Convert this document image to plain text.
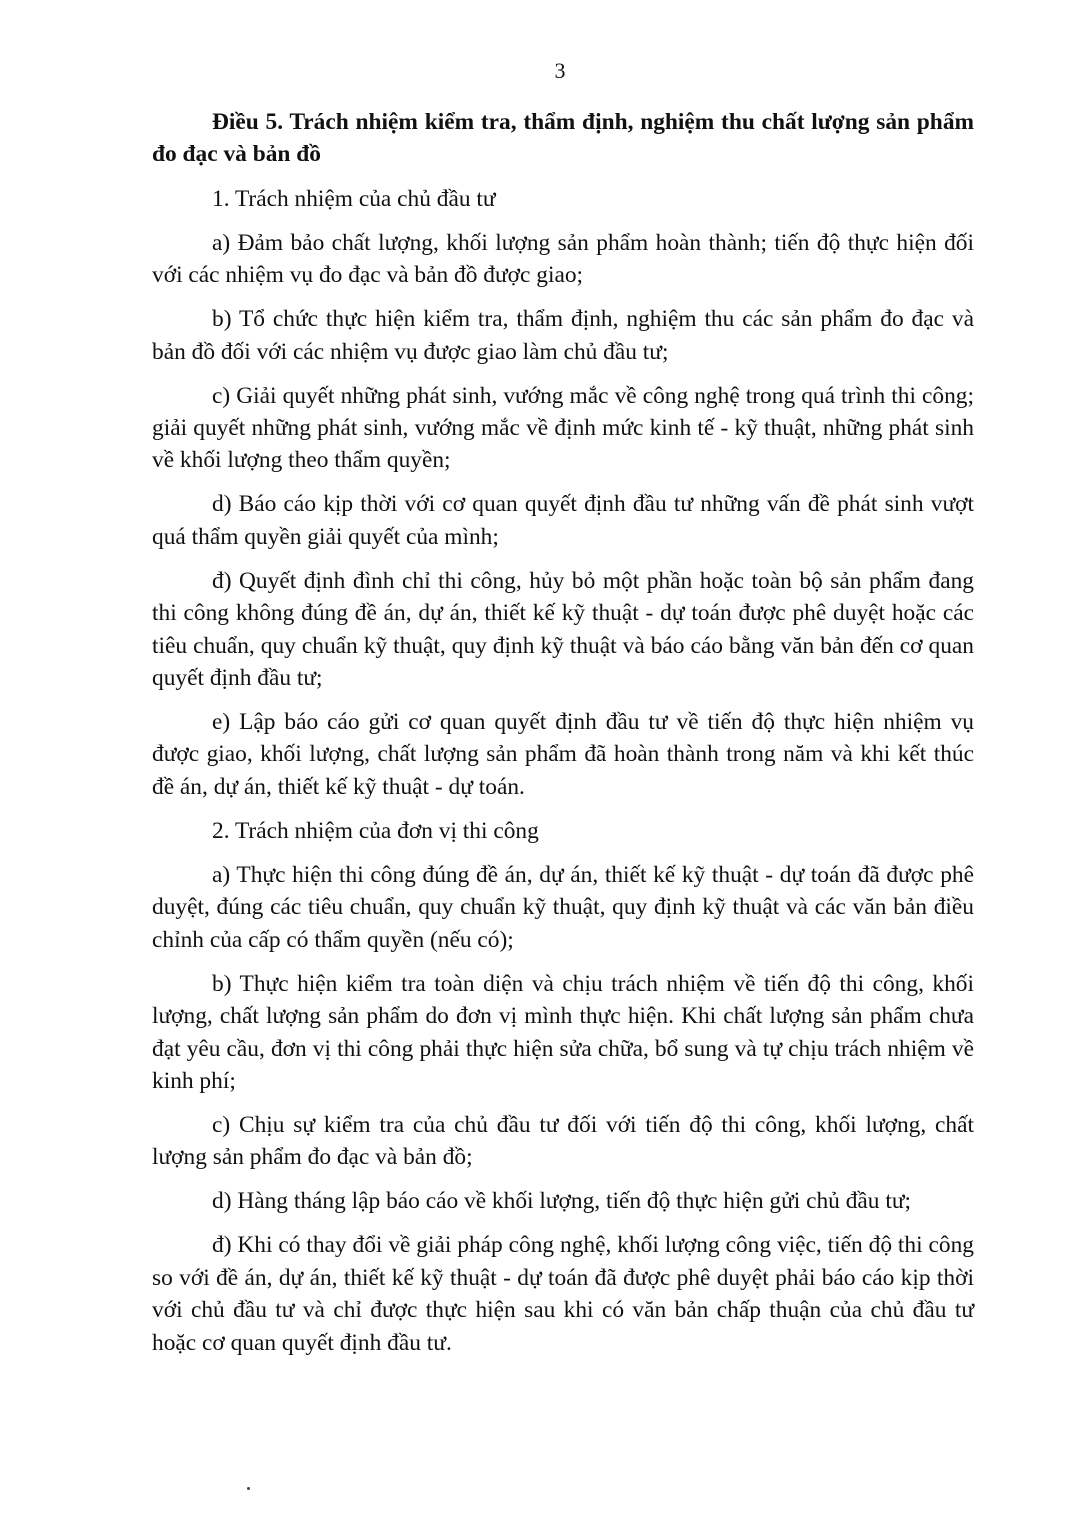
3

Điều 5. Trách nhiệm kiểm tra, thẩm định, nghiệm thu chất lượng sản phẩm đo đạc và bản đồ

1. Trách nhiệm của chủ đầu tư

a) Đảm bảo chất lượng, khối lượng sản phẩm hoàn thành; tiến độ thực hiện đối với các nhiệm vụ đo đạc và bản đồ được giao;

b) Tổ chức thực hiện kiểm tra, thẩm định, nghiệm thu các sản phẩm đo đạc và bản đồ đối với các nhiệm vụ được giao làm chủ đầu tư;

c) Giải quyết những phát sinh, vướng mắc về công nghệ trong quá trình thi công; giải quyết những phát sinh, vướng mắc về định mức kinh tế - kỹ thuật, những phát sinh về khối lượng theo thẩm quyền;

d) Báo cáo kịp thời với cơ quan quyết định đầu tư những vấn đề phát sinh vượt quá thẩm quyền giải quyết của mình;

đ) Quyết định đình chỉ thi công, hủy bỏ một phần hoặc toàn bộ sản phẩm đang thi công không đúng đề án, dự án, thiết kế kỹ thuật - dự toán được phê duyệt hoặc các tiêu chuẩn, quy chuẩn kỹ thuật, quy định kỹ thuật và báo cáo bằng văn bản đến cơ quan quyết định đầu tư;

e) Lập báo cáo gửi cơ quan quyết định đầu tư về tiến độ thực hiện nhiệm vụ được giao, khối lượng, chất lượng sản phẩm đã hoàn thành trong năm và khi kết thúc đề án, dự án, thiết kế kỹ thuật - dự toán.

2. Trách nhiệm của đơn vị thi công

a) Thực hiện thi công đúng đề án, dự án, thiết kế kỹ thuật - dự toán đã được phê duyệt, đúng các tiêu chuẩn, quy chuẩn kỹ thuật, quy định kỹ thuật và các văn bản điều chỉnh của cấp có thẩm quyền (nếu có);

b) Thực hiện kiểm tra toàn diện và chịu trách nhiệm về tiến độ thi công, khối lượng, chất lượng sản phẩm do đơn vị mình thực hiện. Khi chất lượng sản phẩm chưa đạt yêu cầu, đơn vị thi công phải thực hiện sửa chữa, bổ sung và tự chịu trách nhiệm về kinh phí;

c) Chịu sự kiểm tra của chủ đầu tư đối với tiến độ thi công, khối lượng, chất lượng sản phẩm đo đạc và bản đồ;

d) Hàng tháng lập báo cáo về khối lượng, tiến độ thực hiện gửi chủ đầu tư;

đ) Khi có thay đổi về giải pháp công nghệ, khối lượng công việc, tiến độ thi công so với đề án, dự án, thiết kế kỹ thuật - dự toán đã được phê duyệt phải báo cáo kịp thời với chủ đầu tư và chỉ được thực hiện sau khi có văn bản chấp thuận của chủ đầu tư hoặc cơ quan quyết định đầu tư.
